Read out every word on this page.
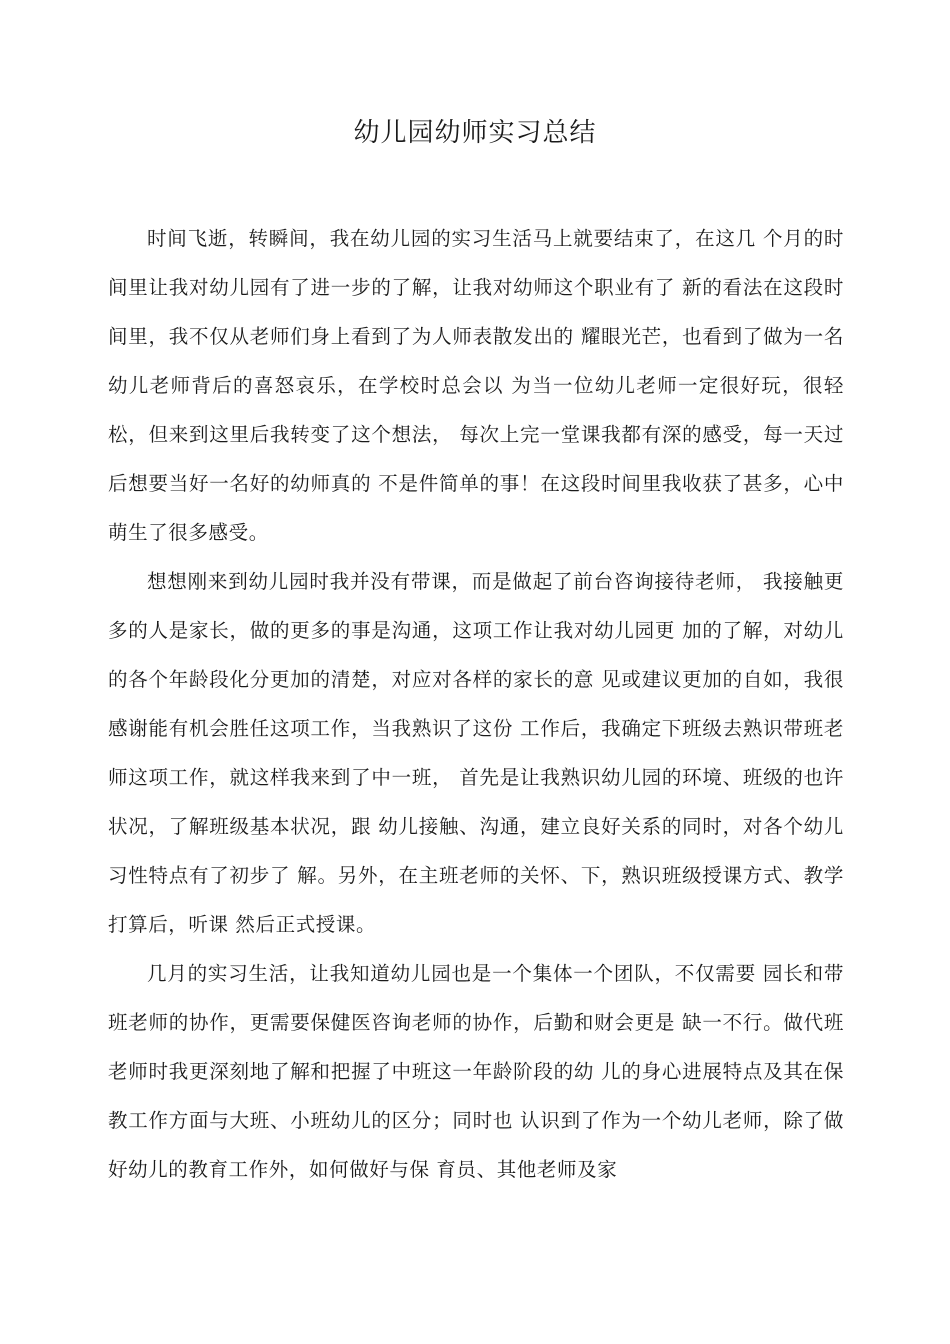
幼儿园幼师实习总结

时间飞逝，转瞬间，我在幼儿园的实习生活马上就要结束了，在这几 个月的时间里让我对幼儿园有了进一步的了解，让我对幼师这个职业有了 新的看法在这段时间里，我不仅从老师们身上看到了为人师表散发出的 耀眼光芒，也看到了做为一名幼儿老师背后的喜怒哀乐，在学校时总会以 为当一位幼儿老师一定很好玩，很轻松，但来到这里后我转变了这个想法， 每次上完一堂课我都有深的感受，每一天过后想要当好一名好的幼师真的 不是件简单的事！在这段时间里我收获了甚多，心中萌生了很多感受。

想想刚来到幼儿园时我并没有带课，而是做起了前台咨询接待老师， 我接触更多的人是家长，做的更多的事是沟通，这项工作让我对幼儿园更 加的了解，对幼儿的各个年龄段化分更加的清楚，对应对各样的家长的意 见或建议更加的自如，我很感谢能有机会胜任这项工作，当我熟识了这份 工作后，我确定下班级去熟识带班老师这项工作，就这样我来到了中一班， 首先是让我熟识幼儿园的环境、班级的也许状况，了解班级基本状况，跟 幼儿接触、沟通，建立良好关系的同时，对各个幼儿习性特点有了初步了 解。另外，在主班老师的关怀、下，熟识班级授课方式、教学打算后，听课 然后正式授课。

几月的实习生活，让我知道幼儿园也是一个集体一个团队，不仅需要 园长和带班老师的协作，更需要保健医咨询老师的协作，后勤和财会更是 缺一不行。做代班老师时我更深刻地了解和把握了中班这一年龄阶段的幼 儿的身心进展特点及其在保教工作方面与大班、小班幼儿的区分；同时也 认识到了作为一个幼儿老师，除了做好幼儿的教育工作外，如何做好与保 育员、其他老师及家
